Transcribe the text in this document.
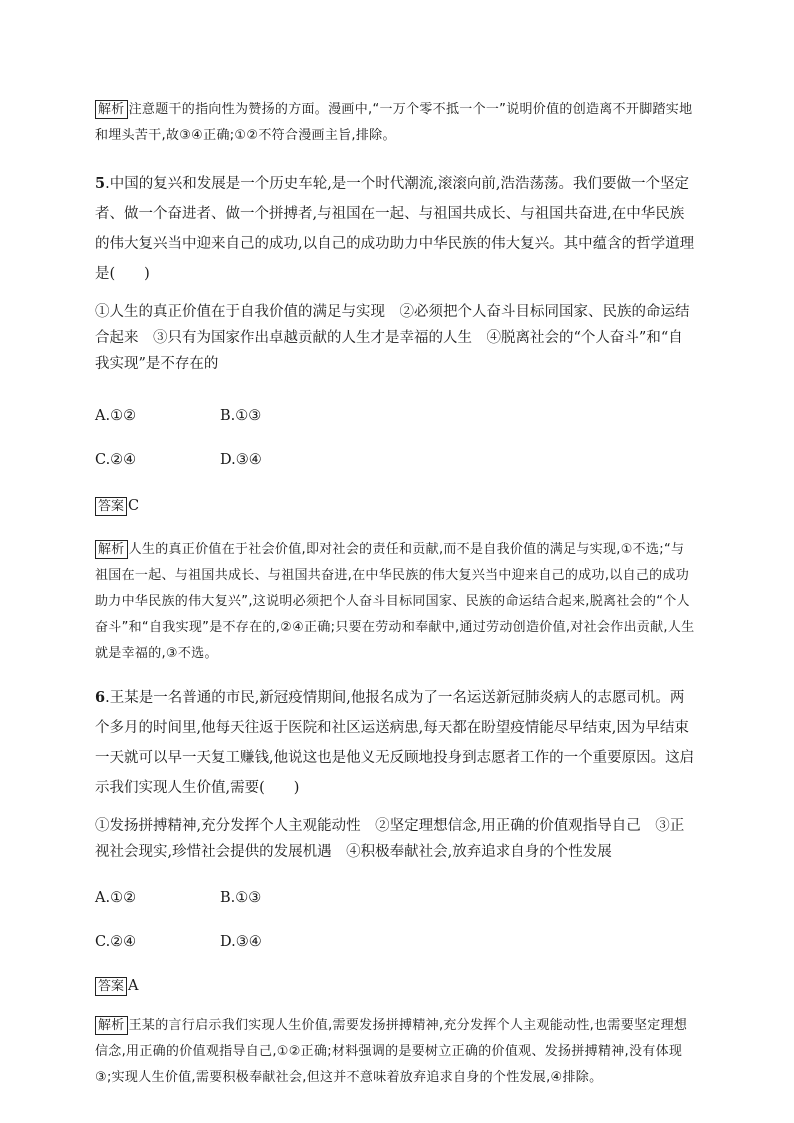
解析 注意题干的指向性为赞扬的方面。漫画中,“一万个零不抵一个一”说明价值的创造离不开脚踏实地和埋头苦干,故③④正确;①②不符合漫画主旨,排除。

5.中国的复兴和发展是一个历史车轮,是一个时代潮流,滚滚向前,浩浩荡荡。我们要做一个坚定者、做一个奋进者、做一个拼搏者,与祖国在一起、与祖国共成长、与祖国共奋进,在中华民族的伟大复兴当中迎来自己的成功,以自己的成功助力中华民族的伟大复兴。其中蕴含的哲学道理是(　　)

①人生的真正价值在于自我价值的满足与实现　②必须把个人奋斗目标同国家、民族的命运结合起来　③只有为国家作出卓越贡献的人生才是幸福的人生　④脱离社会的“个人奋斗”和“自我实现”是不存在的

A.①②	B.①③
C.②④	D.③④

答案 C

解析 人生的真正价值在于社会价值,即对社会的责任和贡献,而不是自我价值的满足与实现,①不选;“与祖国在一起、与祖国共成长、与祖国共奋进,在中华民族的伟大复兴当中迎来自己的成功,以自己的成功助力中华民族的伟大复兴”,这说明必须把个人奋斗目标同国家、民族的命运结合起来,脱离社会的“个人奋斗”和“自我实现”是不存在的,②④正确;只要在劳动和奉献中,通过劳动创造价值,对社会作出贡献,人生就是幸福的,③不选。

6.王某是一名普通的市民,新冠疫情期间,他报名成为了一名运送新冠肺炎病人的志愿司机。两个多月的时间里,他每天往返于医院和社区运送病患,每天都在盼望疫情能尽早结束,因为早结束一天就可以早一天复工赚钱,他说这也是他义无反顾地投身到志愿者工作的一个重要原因。这启示我们实现人生价值,需要(　　)

①发扬拼搏精神,充分发挥个人主观能动性　②坚定理想信念,用正确的价值观指导自己　③正视社会现实,珍惜社会提供的发展机遇　④积极奉献社会,放弃追求自身的个性发展

A.①②	B.①③
C.②④	D.③④

答案 A

解析 王某的言行启示我们实现人生价值,需要发扬拼搏精神,充分发挥个人主观能动性,也需要坚定理想信念,用正确的价值观指导自己,①②正确;材料强调的是要树立正确的价值观、发扬拼搏精神,没有体现③;实现人生价值,需要积极奉献社会,但这并不意味着放弃追求自身的个性发展,④排除。
